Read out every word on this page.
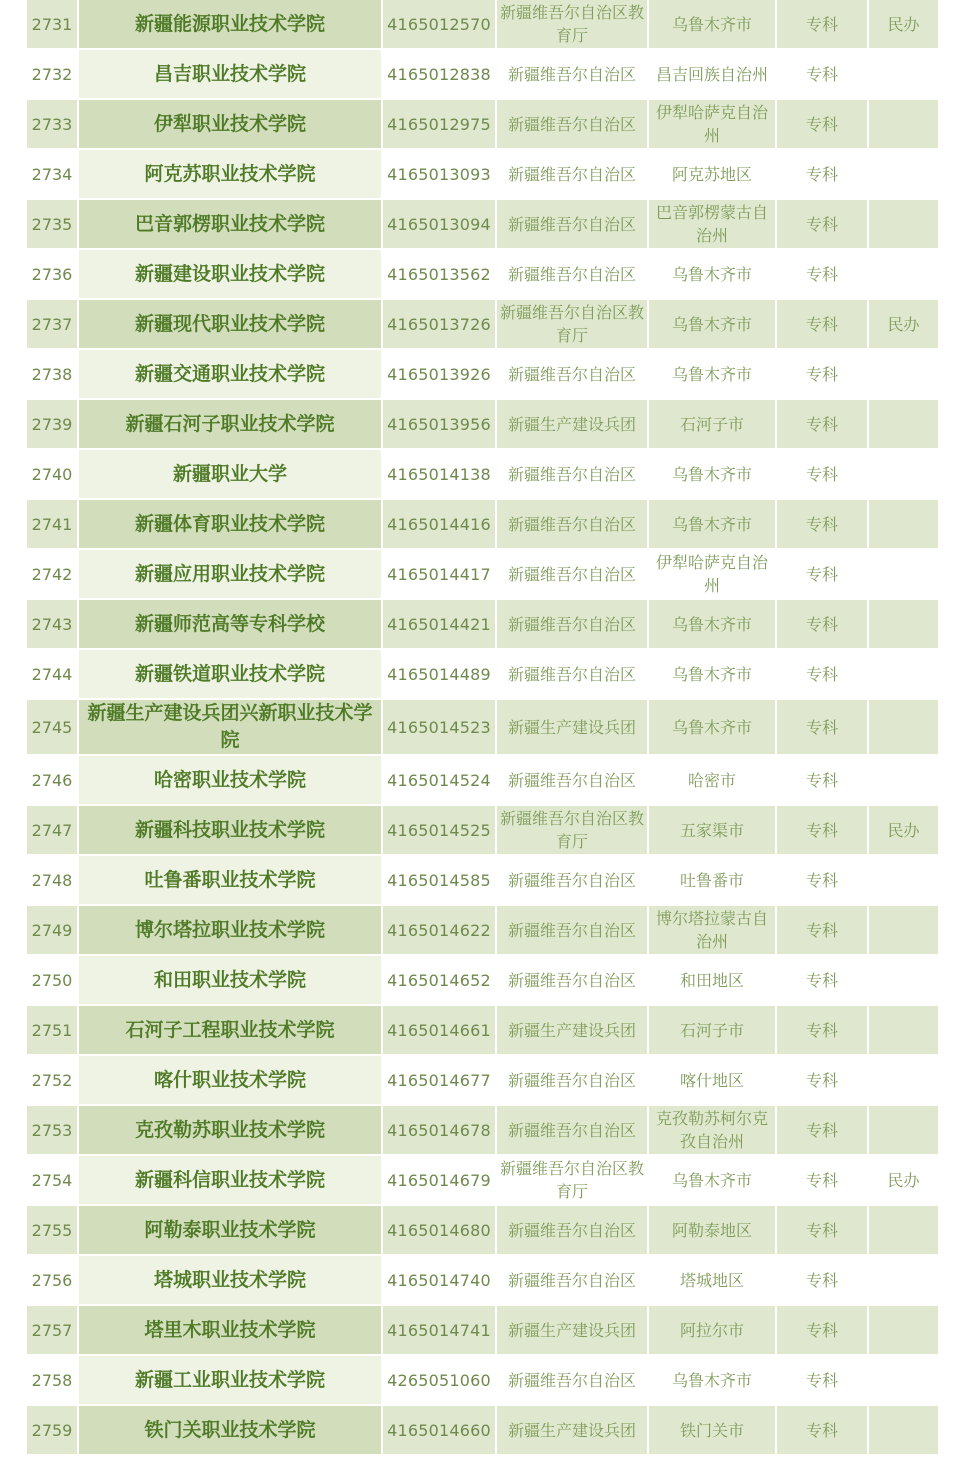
2731	新疆能源职业技术学院	4165012570	新疆维吾尔自治区教育厅	乌鲁木齐市	专科	民办
2732	昌吉职业技术学院	4165012838	新疆维吾尔自治区	昌吉回族自治州	专科	
2733	伊犁职业技术学院	4165012975	新疆维吾尔自治区	伊犁哈萨克自治州	专科	
2734	阿克苏职业技术学院	4165013093	新疆维吾尔自治区	阿克苏地区	专科	
2735	巴音郭楞职业技术学院	4165013094	新疆维吾尔自治区	巴音郭楞蒙古自治州	专科	
2736	新疆建设职业技术学院	4165013562	新疆维吾尔自治区	乌鲁木齐市	专科	
2737	新疆现代职业技术学院	4165013726	新疆维吾尔自治区教育厅	乌鲁木齐市	专科	民办
2738	新疆交通职业技术学院	4165013926	新疆维吾尔自治区	乌鲁木齐市	专科	
2739	新疆石河子职业技术学院	4165013956	新疆生产建设兵团	石河子市	专科	
2740	新疆职业大学	4165014138	新疆维吾尔自治区	乌鲁木齐市	专科	
2741	新疆体育职业技术学院	4165014416	新疆维吾尔自治区	乌鲁木齐市	专科	
2742	新疆应用职业技术学院	4165014417	新疆维吾尔自治区	伊犁哈萨克自治州	专科	
2743	新疆师范高等专科学校	4165014421	新疆维吾尔自治区	乌鲁木齐市	专科	
2744	新疆铁道职业技术学院	4165014489	新疆维吾尔自治区	乌鲁木齐市	专科	
2745	新疆生产建设兵团兴新职业技术学院	4165014523	新疆生产建设兵团	乌鲁木齐市	专科	
2746	哈密职业技术学院	4165014524	新疆维吾尔自治区	哈密市	专科	
2747	新疆科技职业技术学院	4165014525	新疆维吾尔自治区教育厅	五家渠市	专科	民办
2748	吐鲁番职业技术学院	4165014585	新疆维吾尔自治区	吐鲁番市	专科	
2749	博尔塔拉职业技术学院	4165014622	新疆维吾尔自治区	博尔塔拉蒙古自治州	专科	
2750	和田职业技术学院	4165014652	新疆维吾尔自治区	和田地区	专科	
2751	石河子工程职业技术学院	4165014661	新疆生产建设兵团	石河子市	专科	
2752	喀什职业技术学院	4165014677	新疆维吾尔自治区	喀什地区	专科	
2753	克孜勒苏职业技术学院	4165014678	新疆维吾尔自治区	克孜勒苏柯尔克孜自治州	专科	
2754	新疆科信职业技术学院	4165014679	新疆维吾尔自治区教育厅	乌鲁木齐市	专科	民办
2755	阿勒泰职业技术学院	4165014680	新疆维吾尔自治区	阿勒泰地区	专科	
2756	塔城职业技术学院	4165014740	新疆维吾尔自治区	塔城地区	专科	
2757	塔里木职业技术学院	4165014741	新疆生产建设兵团	阿拉尔市	专科	
2758	新疆工业职业技术学院	4265051060	新疆维吾尔自治区	乌鲁木齐市	专科	
2759	铁门关职业技术学院	4165014660	新疆生产建设兵团	铁门关市	专科	
